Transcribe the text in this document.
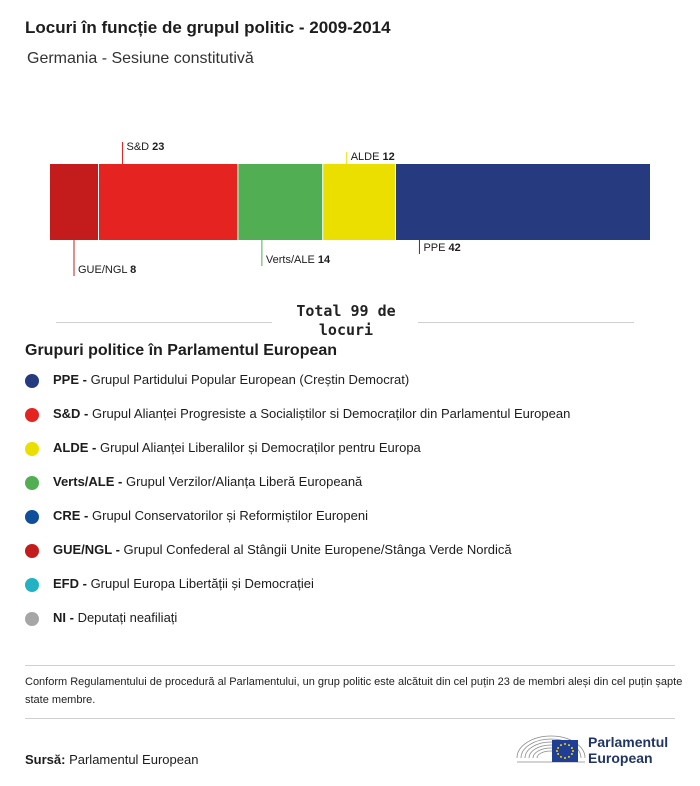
Locuri în funcție de grupul politic - 2009-2014
Germania - Sesiune constitutivă
GUE/NGL 8
S&D 23
Verts/ALE 14
ALDE 12
PPE 42
Total 99 de locuri
Grupuri politice în Parlamentul European
PPE - Grupul Partidului Popular European (Creștin Democrat)
S&D - Grupul Alianței Progresiste a Socialiștilor si Democraților din Parlamentul European
ALDE - Grupul Alianței Liberalilor și Democraților pentru Europa
Verts/ALE - Grupul Verzilor/Alianța Liberă Europeană
CRE - Grupul Conservatorilor și Reformiștilor Europeni
GUE/NGL - Grupul Confederal al Stângii Unite Europene/Stânga Verde Nordică
EFD - Grupul Europa Libertății și Democrației
NI - Deputați neafiliați
Conform Regulamentului de procedură al Parlamentului, un grup politic este alcătuit din cel puțin 23 de membri aleși din cel puțin șapte state membre.
Sursă: Parlamentul European
Parlamentul
European
